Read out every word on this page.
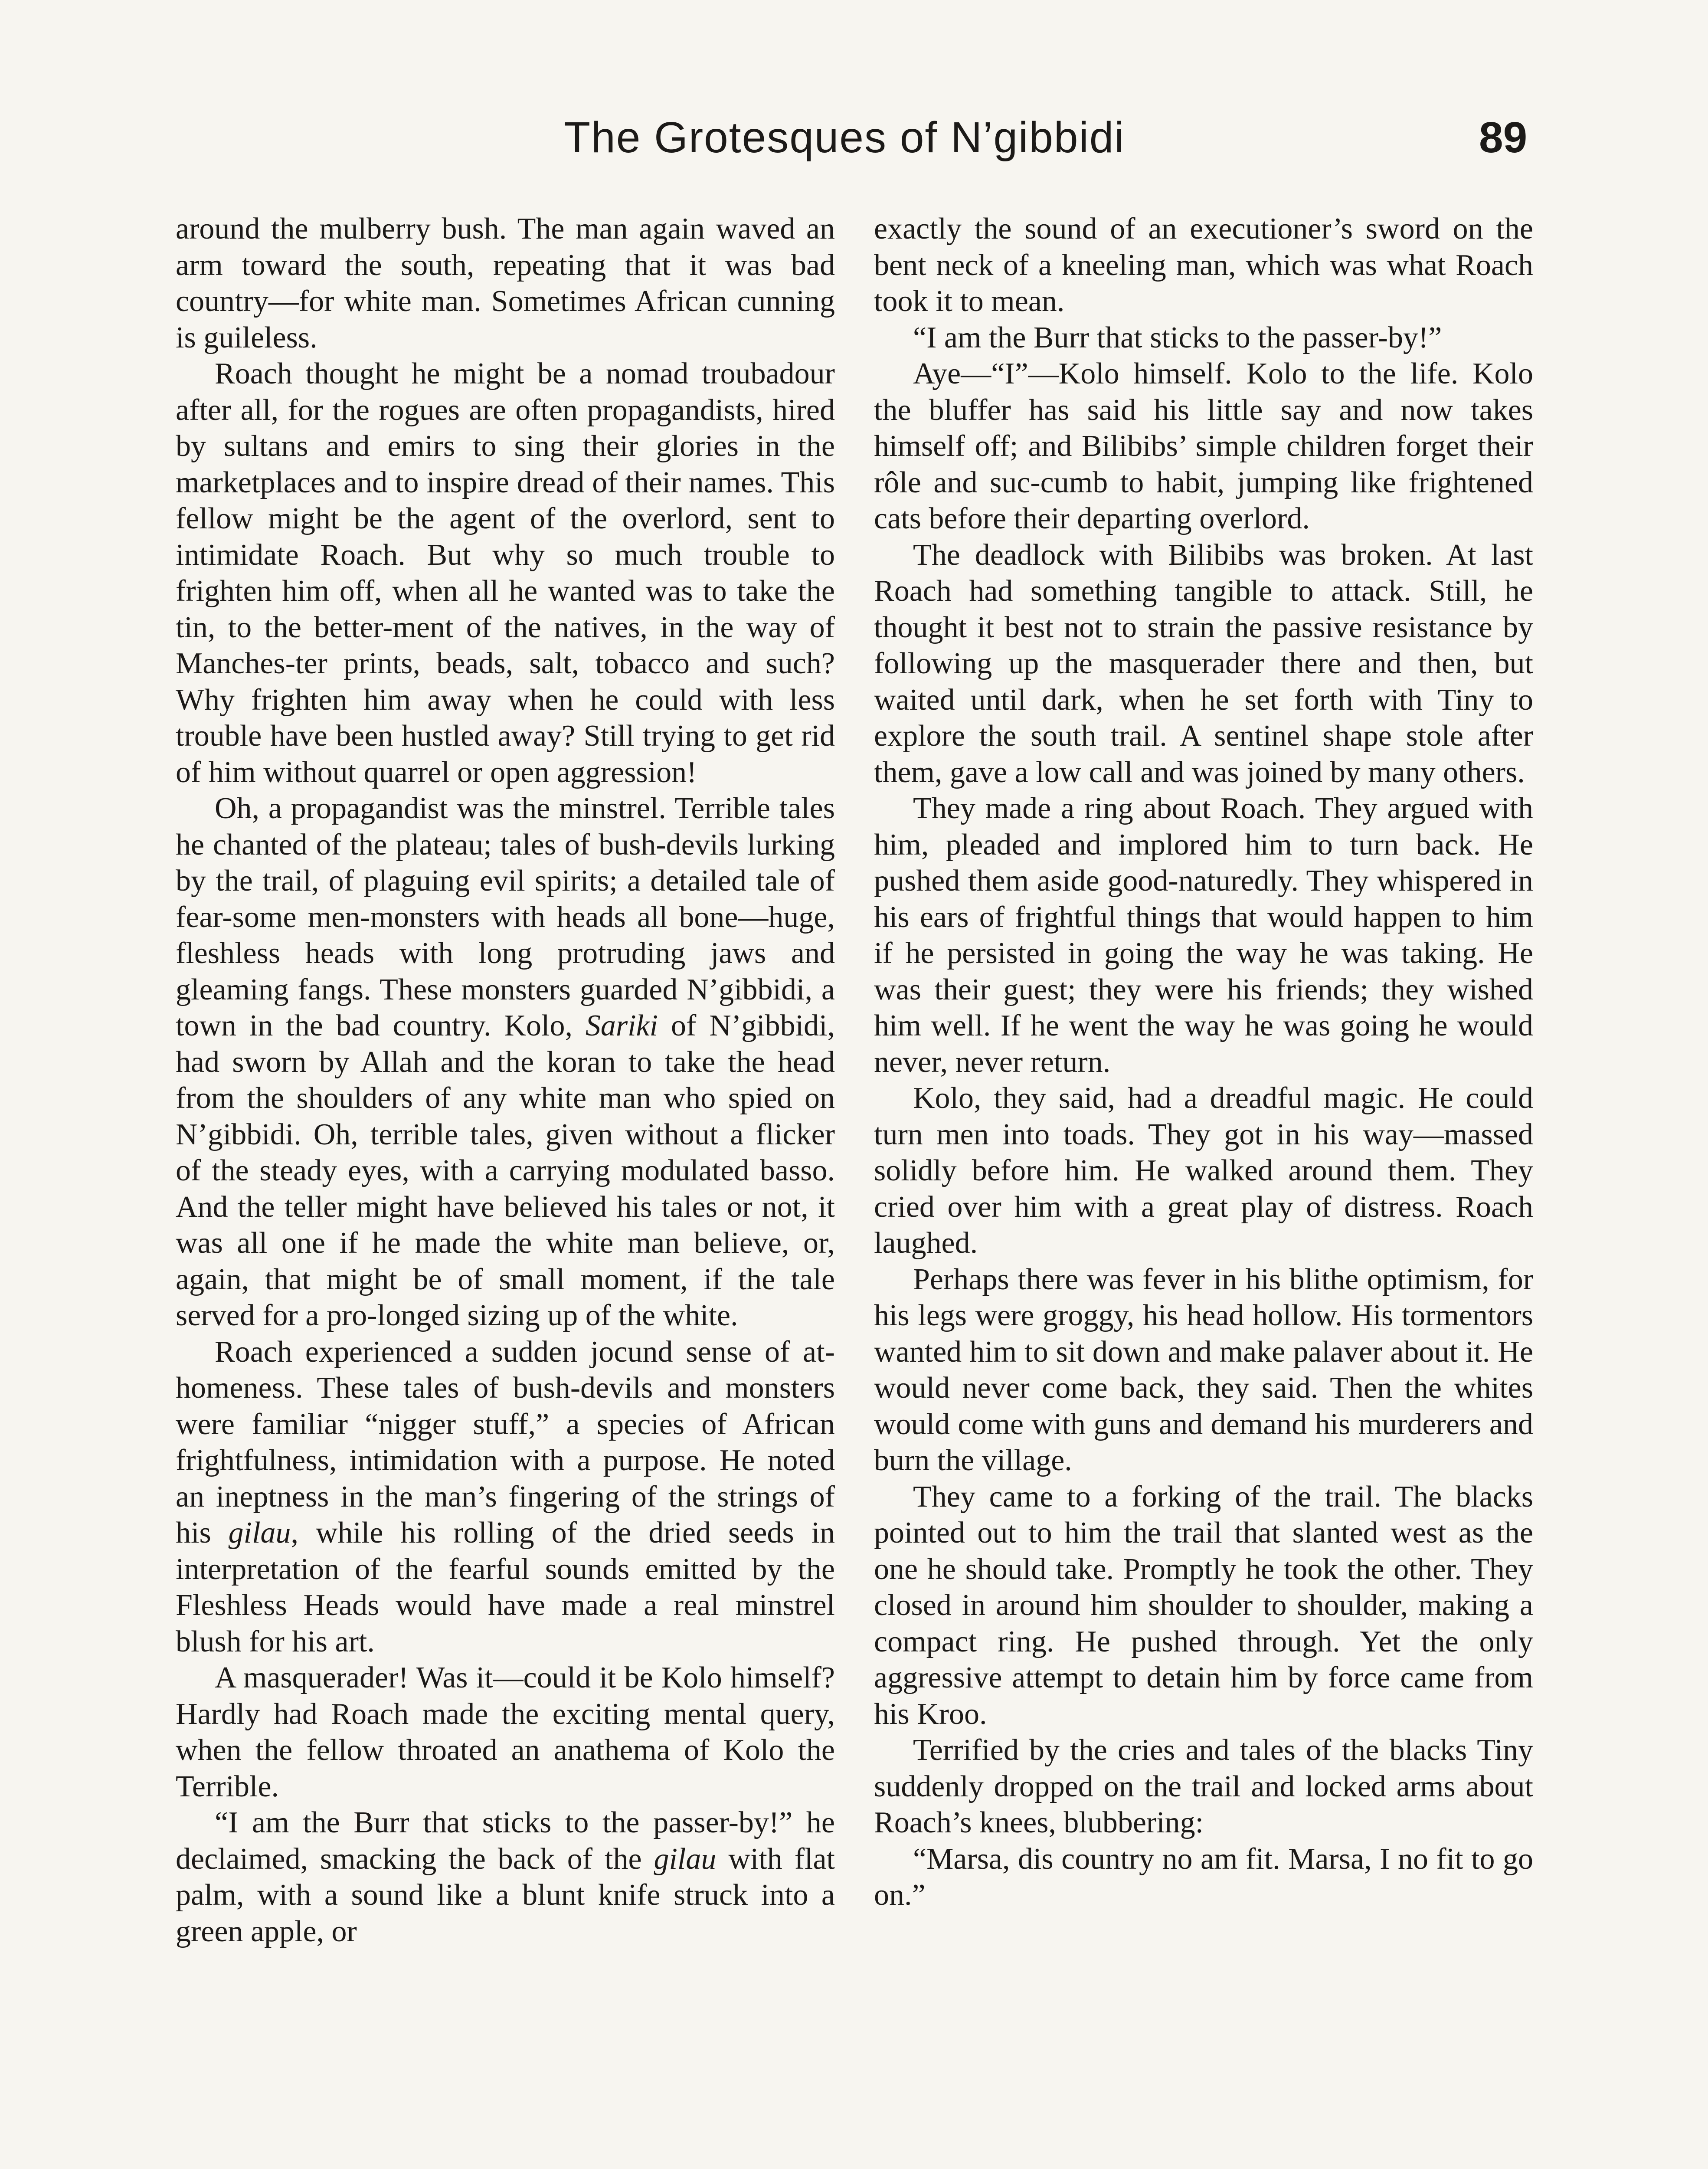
The Grotesques of N’gibbidi	89

around the mulberry bush. The man again waved an arm toward the south, repeating that it was bad country—for white man. Sometimes African cunning is guileless.

Roach thought he might be a nomad troubadour after all, for the rogues are often propagandists, hired by sultans and emirs to sing their glories in the marketplaces and to inspire dread of their names. This fellow might be the agent of the overlord, sent to intimidate Roach. But why so much trouble to frighten him off, when all he wanted was to take the tin, to the better-ment of the natives, in the way of Manches-ter prints, beads, salt, tobacco and such? Why frighten him away when he could with less trouble have been hustled away? Still trying to get rid of him without quarrel or open aggression!

Oh, a propagandist was the minstrel. Terrible tales he chanted of the plateau; tales of bush-devils lurking by the trail, of plaguing evil spirits; a detailed tale of fear-some men-monsters with heads all bone—huge, fleshless heads with long protruding jaws and gleaming fangs. These monsters guarded N’gibbidi, a town in the bad country. Kolo, Sariki of N’gibbidi, had sworn by Allah and the koran to take the head from the shoulders of any white man who spied on N’gibbidi. Oh, terrible tales, given without a flicker of the steady eyes, with a carrying modulated basso. And the teller might have believed his tales or not, it was all one if he made the white man believe, or, again, that might be of small moment, if the tale served for a pro-longed sizing up of the white.

Roach experienced a sudden jocund sense of at-homeness. These tales of bush-devils and monsters were familiar “nigger stuff,” a species of African frightfulness, intimidation with a purpose. He noted an ineptness in the man’s fingering of the strings of his gilau, while his rolling of the dried seeds in interpretation of the fearful sounds emitted by the Fleshless Heads would have made a real minstrel blush for his art.

A masquerader! Was it—could it be Kolo himself? Hardly had Roach made the exciting mental query, when the fellow throated an anathema of Kolo the Terrible.

“I am the Burr that sticks to the passer-by!” he declaimed, smacking the back of the gilau with flat palm, with a sound like a blunt knife struck into a green apple, or

exactly the sound of an executioner’s sword on the bent neck of a kneeling man, which was what Roach took it to mean.

“I am the Burr that sticks to the passer-by!”

Aye—“I”—Kolo himself. Kolo to the life. Kolo the bluffer has said his little say and now takes himself off; and Bilibibs’ simple children forget their rôle and suc-cumb to habit, jumping like frightened cats before their departing overlord.

The deadlock with Bilibibs was broken. At last Roach had something tangible to attack. Still, he thought it best not to strain the passive resistance by following up the masquerader there and then, but waited until dark, when he set forth with Tiny to explore the south trail. A sentinel shape stole after them, gave a low call and was joined by many others.

They made a ring about Roach. They argued with him, pleaded and implored him to turn back. He pushed them aside good-naturedly. They whispered in his ears of frightful things that would happen to him if he persisted in going the way he was taking. He was their guest; they were his friends; they wished him well. If he went the way he was going he would never, never return.

Kolo, they said, had a dreadful magic. He could turn men into toads. They got in his way—massed solidly before him. He walked around them. They cried over him with a great play of distress. Roach laughed.

Perhaps there was fever in his blithe optimism, for his legs were groggy, his head hollow. His tormentors wanted him to sit down and make palaver about it. He would never come back, they said. Then the whites would come with guns and demand his murderers and burn the village.

They came to a forking of the trail. The blacks pointed out to him the trail that slanted west as the one he should take. Promptly he took the other. They closed in around him shoulder to shoulder, making a compact ring. He pushed through. Yet the only aggressive attempt to detain him by force came from his Kroo.

Terrified by the cries and tales of the blacks Tiny suddenly dropped on the trail and locked arms about Roach’s knees, blubbering:

“Marsa, dis country no am fit. Marsa, I no fit to go on.”
